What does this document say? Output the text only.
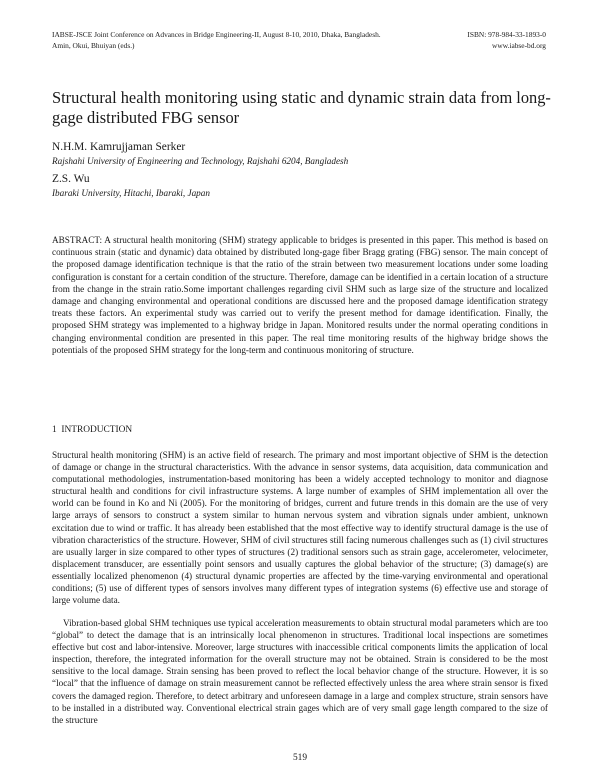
IABSE-JSCE Joint Conference on Advances in Bridge Engineering-II, August 8-10, 2010, Dhaka, Bangladesh.
Amin, Okui, Bhuiyan (eds.)
ISBN: 978-984-33-1893-0
www.iabse-bd.org
Structural health monitoring using static and dynamic strain data from long-gage distributed FBG sensor
N.H.M. Kamrujjaman Serker
Rajshahi University of Engineering and Technology, Rajshahi 6204, Bangladesh
Z.S. Wu
Ibaraki University, Hitachi, Ibaraki, Japan

ABSTRACT: A structural health monitoring (SHM) strategy applicable to bridges is presented in this paper. This method is based on continuous strain (static and dynamic) data obtained by distributed long-gage fiber Bragg grating (FBG) sensor. The main concept of the proposed damage identification technique is that the ratio of the strain between two measurement locations under some loading configuration is constant for a certain condition of the structure. Therefore, damage can be identified in a certain location of a structure from the change in the strain ratio.Some important challenges regarding civil SHM such as large size of the structure and localized damage and changing environmental and operational conditions are discussed here and the proposed damage identification strategy treats these factors. An experimental study was carried out to verify the present method for damage identification. Finally, the proposed SHM strategy was implemented to a highway bridge in Japan. Monitored results under the normal operating conditions in changing environmental condition are presented in this paper. The real time monitoring results of the highway bridge shows the potentials of the proposed SHM strategy for the long-term and continuous monitoring of structure.

1 INTRODUCTION

Structural health monitoring (SHM) is an active field of research. The primary and most important objective of SHM is the detection of damage or change in the structural characteristics. With the advance in sensor systems, data acquisition, data communication and computational methodologies, instrumentation-based monitoring has been a widely accepted technology to monitor and diagnose structural health and conditions for civil infrastructure systems. A large number of examples of SHM implementation all over the world can be found in Ko and Ni (2005). For the monitoring of bridges, current and future trends in this domain are the use of very large arrays of sensors to construct a system similar to human nervous system and vibration signals under ambient, unknown excitation due to wind or traffic. It has already been established that the most effective way to identify structural damage is the use of vibration characteristics of the structure. However, SHM of civil structures still facing numerous challenges such as (1) civil structures are usually larger in size compared to other types of structures (2) traditional sensors such as strain gage, accelerometer, velocimeter, displacement transducer, are essentially point sensors and usually captures the global behavior of the structure; (3) damage(s) are essentially localized phenomenon (4) structural dynamic properties are affected by the time-varying environmental and operational conditions; (5) use of different types of sensors involves many different types of integration systems (6) effective use and storage of large volume data.

Vibration-based global SHM techniques use typical acceleration measurements to obtain structural modal parameters which are too “global” to detect the damage that is an intrinsically local phenomenon in structures. Traditional local inspections are sometimes effective but cost and labor-intensive. Moreover, large structures with inaccessible critical components limits the application of local inspection, therefore, the integrated information for the overall structure may not be obtained. Strain is considered to be the most sensitive to the local damage. Strain sensing has been proved to reflect the local behavior change of the structure. However, it is so “local” that the influence of damage on strain measurement cannot be reflected effectively unless the area where strain sensor is fixed covers the damaged region. Therefore, to detect arbitrary and unforeseen damage in a large and complex structure, strain sensors have to be installed in a distributed way. Conventional electrical strain gages which are of very small gage length compared to the size of the structure

519
